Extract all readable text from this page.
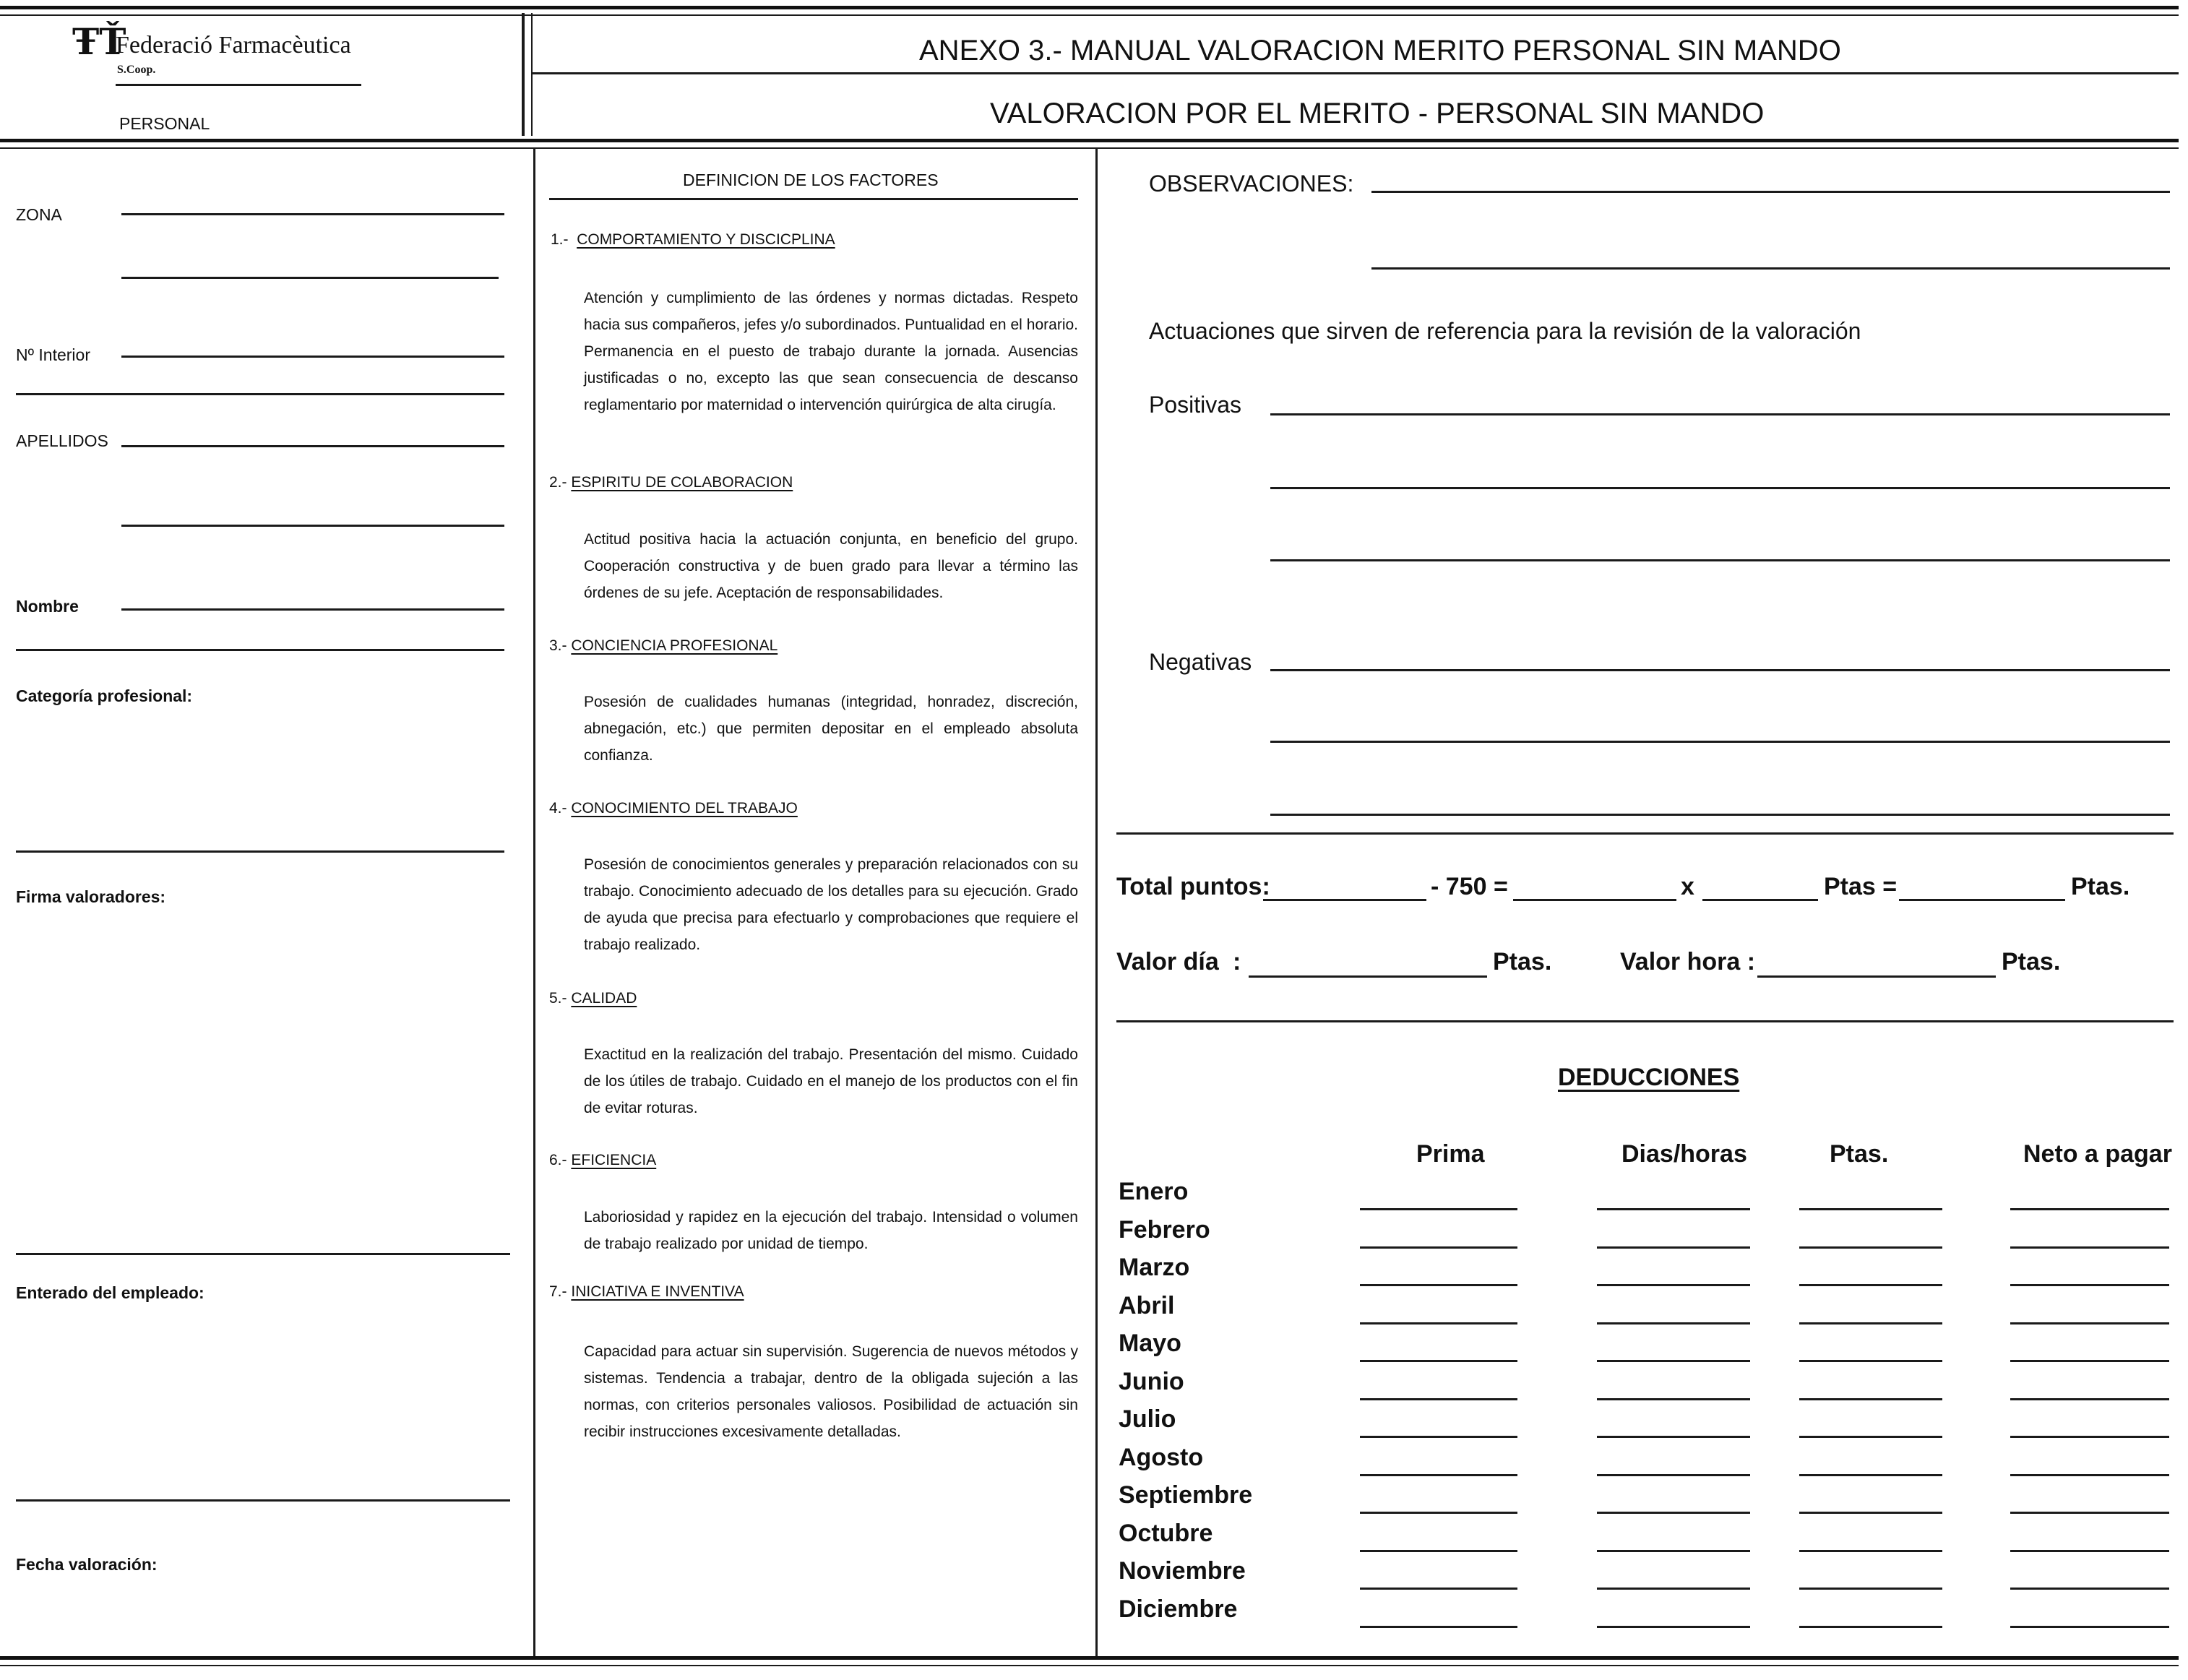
ŦŤ
Federació Farmacèutica
S.Coop.
PERSONAL
ANEXO 3.- MANUAL VALORACION MERITO PERSONAL SIN MANDO
VALORACION POR EL MERITO - PERSONAL SIN MANDO
ZONA
Nº Interior
APELLIDOS
Nombre
Categoría profesional:
Firma valoradores:
Enterado del empleado:
Fecha valoración:
DEFINICION DE LOS FACTORES
1.- COMPORTAMIENTO Y DISCICPLINA
Atención y cumplimiento de las órdenes y normas dictadas. Respeto hacia sus compañeros, jefes y/o subordinados. Puntualidad en el horario. Permanencia en el puesto de trabajo durante la jornada. Ausencias justificadas o no, excepto las que sean consecuencia de descanso reglamentario por maternidad o intervención quirúrgica de alta cirugía.
2.- ESPIRITU DE COLABORACION
Actitud positiva hacia la actuación conjunta, en beneficio del grupo. Cooperación constructiva y de buen grado para llevar a término las órdenes de su jefe. Aceptación de responsabilidades.
3.- CONCIENCIA PROFESIONAL
Posesión de cualidades humanas (integridad, honradez, discreción, abnegación, etc.) que permiten depositar en el empleado absoluta confianza.
4.- CONOCIMIENTO DEL TRABAJO
Posesión de conocimientos generales y preparación relacionados con su trabajo. Conocimiento adecuado de los detalles para su ejecución. Grado de ayuda que precisa para efectuarlo y comprobaciones que requiere el trabajo realizado.
5.- CALIDAD
Exactitud en la realización del trabajo. Presentación del mismo. Cuidado de los útiles de trabajo. Cuidado en el manejo de los productos con el fin de evitar roturas.
6.- EFICIENCIA
Laboriosidad y rapidez en la ejecución del trabajo. Intensidad o volumen de trabajo realizado por unidad de tiempo.
7.- INICIATIVA E INVENTIVA
Capacidad para actuar sin supervisión. Sugerencia de nuevos métodos y sistemas. Tendencia a trabajar, dentro de la obligada sujeción a las normas, con criterios personales valiosos. Posibilidad de actuación sin recibir instrucciones excesivamente detalladas.
OBSERVACIONES:
Actuaciones que sirven de referencia para la revisión de la valoración
Positivas
Negativas
Total puntos:	- 750 =	x	Ptas =	Ptas.
Valor día :	Ptas.	Valor hora :	Ptas.
DEDUCCIONES
Prima	Dias/horas	Ptas.	Neto a pagar
Enero
Febrero
Marzo
Abril
Mayo
Junio
Julio
Agosto
Septiembre
Octubre
Noviembre
Diciembre
